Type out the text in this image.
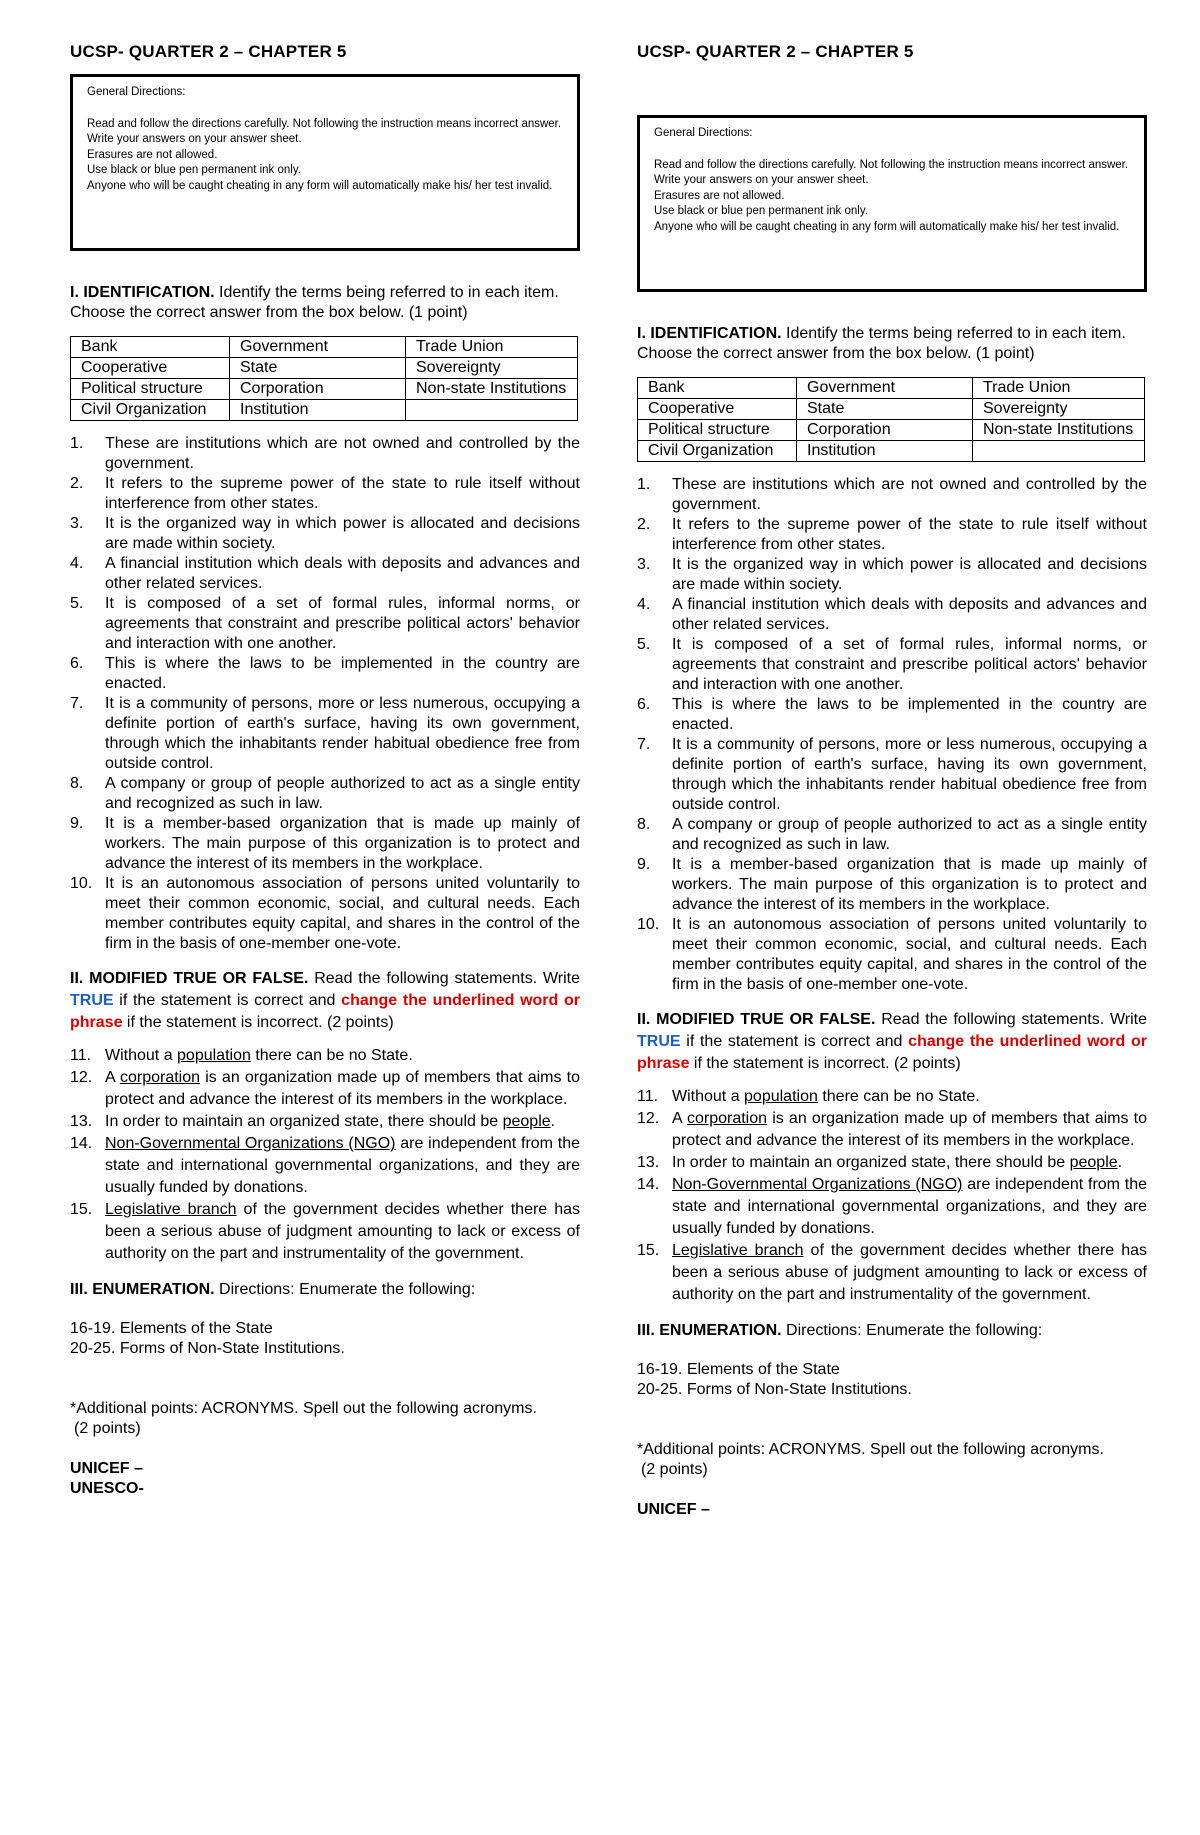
UCSP- QUARTER 2 – CHAPTER 5
General Directions:
Read and follow the directions carefully. Not following the instruction means incorrect answer.
Write your answers on your answer sheet.
Erasures are not allowed.
Use black or blue pen permanent ink only.
Anyone who will be caught cheating in any form will automatically make his/ her test invalid.
I. IDENTIFICATION. Identify the terms being referred to in each item. Choose the correct answer from the box below. (1 point)
Bank	Government	Trade Union
Cooperative	State	Sovereignty
Political structure	Corporation	Non-state Institutions
Civil Organization	Institution	
1. These are institutions which are not owned and controlled by the government.
2. It refers to the supreme power of the state to rule itself without interference from other states.
3. It is the organized way in which power is allocated and decisions are made within society.
4. A financial institution which deals with deposits and advances and other related services.
5. It is composed of a set of formal rules, informal norms, or agreements that constraint and prescribe political actors' behavior and interaction with one another.
6. This is where the laws to be implemented in the country are enacted.
7. It is a community of persons, more or less numerous, occupying a definite portion of earth's surface, having its own government, through which the inhabitants render habitual obedience free from outside control.
8. A company or group of people authorized to act as a single entity and recognized as such in law.
9. It is a member-based organization that is made up mainly of workers. The main purpose of this organization is to protect and advance the interest of its members in the workplace.
10. It is an autonomous association of persons united voluntarily to meet their common economic, social, and cultural needs. Each member contributes equity capital, and shares in the control of the firm in the basis of one-member one-vote.
II. MODIFIED TRUE OR FALSE. Read the following statements. Write TRUE if the statement is correct and change the underlined word or phrase if the statement is incorrect. (2 points)
11. Without a population there can be no State.
12. A corporation is an organization made up of members that aims to protect and advance the interest of its members in the workplace.
13. In order to maintain an organized state, there should be people.
14. Non-Governmental Organizations (NGO) are independent from the state and international governmental organizations, and they are usually funded by donations.
15. Legislative branch of the government decides whether there has been a serious abuse of judgment amounting to lack or excess of authority on the part and instrumentality of the government.
III. ENUMERATION. Directions: Enumerate the following:
16-19. Elements of the State
20-25. Forms of Non-State Institutions.
*Additional points: ACRONYMS. Spell out the following acronyms.
(2 points)
UNICEF –
UNESCO-
UCSP- QUARTER 2 – CHAPTER 5
General Directions:
Read and follow the directions carefully. Not following the instruction means incorrect answer.
Write your answers on your answer sheet.
Erasures are not allowed.
Use black or blue pen permanent ink only.
Anyone who will be caught cheating in any form will automatically make his/ her test invalid.
I. IDENTIFICATION. Identify the terms being referred to in each item. Choose the correct answer from the box below. (1 point)
Bank	Government	Trade Union
Cooperative	State	Sovereignty
Political structure	Corporation	Non-state Institutions
Civil Organization	Institution	
1. These are institutions which are not owned and controlled by the government.
2. It refers to the supreme power of the state to rule itself without interference from other states.
3. It is the organized way in which power is allocated and decisions are made within society.
4. A financial institution which deals with deposits and advances and other related services.
5. It is composed of a set of formal rules, informal norms, or agreements that constraint and prescribe political actors' behavior and interaction with one another.
6. This is where the laws to be implemented in the country are enacted.
7. It is a community of persons, more or less numerous, occupying a definite portion of earth's surface, having its own government, through which the inhabitants render habitual obedience free from outside control.
8. A company or group of people authorized to act as a single entity and recognized as such in law.
9. It is a member-based organization that is made up mainly of workers. The main purpose of this organization is to protect and advance the interest of its members in the workplace.
10. It is an autonomous association of persons united voluntarily to meet their common economic, social, and cultural needs. Each member contributes equity capital, and shares in the control of the firm in the basis of one-member one-vote.
II. MODIFIED TRUE OR FALSE. Read the following statements. Write TRUE if the statement is correct and change the underlined word or phrase if the statement is incorrect. (2 points)
11. Without a population there can be no State.
12. A corporation is an organization made up of members that aims to protect and advance the interest of its members in the workplace.
13. In order to maintain an organized state, there should be people.
14. Non-Governmental Organizations (NGO) are independent from the state and international governmental organizations, and they are usually funded by donations.
15. Legislative branch of the government decides whether there has been a serious abuse of judgment amounting to lack or excess of authority on the part and instrumentality of the government.
III. ENUMERATION. Directions: Enumerate the following:
16-19. Elements of the State
20-25. Forms of Non-State Institutions.
*Additional points: ACRONYMS. Spell out the following acronyms.
(2 points)
UNICEF –
